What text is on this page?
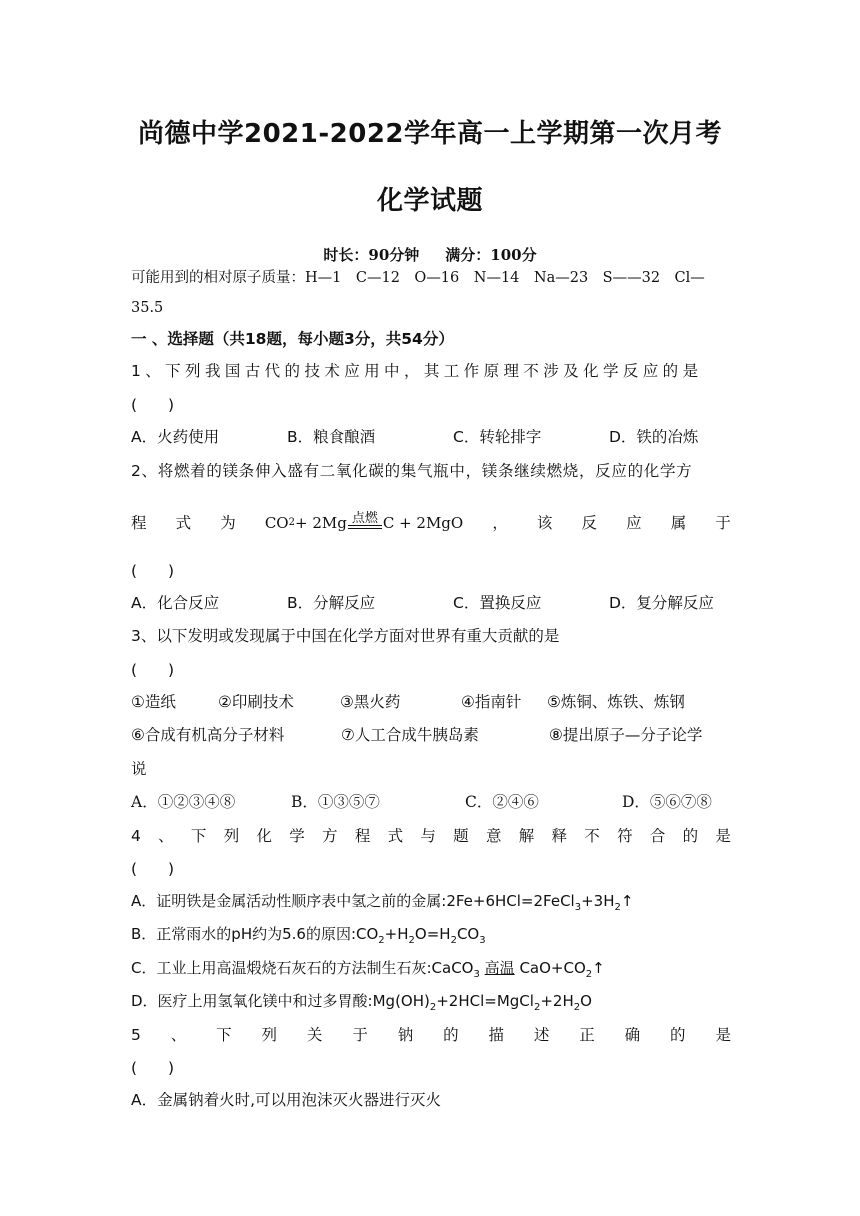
尚德中学2021-2022学年高一上学期第一次月考
化学试题
时长：90分钟 满分：100分
可能用到的相对原子质量：H—1　C—12　O—16　N—14　Na—23　S——32　Cl—
35.5
一 、选择题（共18题，每小题3分，共54分）
1、下列我国古代的技术应用中，其工作原理不涉及化学反应的是
(　　)
A．火药使用	B．粮食酿酒	C．转轮排字	D．铁的冶炼
2、将燃着的镁条伸入盛有二氧化碳的集气瓶中，镁条继续燃烧，反应的化学方
程 式 为 CO 2 + 2Mg 点燃 C + 2MgO ， 该 反 应 属 于
(　　)
A．化合反应	B．分解反应	C．置换反应	D．复分解反应
3、以下发明或发现属于中国在化学方面对世界有重大贡献的是
(　　)
①造纸	②印刷技术	③黑火药	④指南针	⑤炼铜、炼铁、炼钢
⑥合成有机高分子材料	⑦人工合成牛胰岛素	⑧提出原子—分子论学
说
A．①②③④⑧	B．①③⑤⑦	C．②④⑥	D．⑤⑥⑦⑧
4 、 下 列 化 学 方 程 式 与 题 意 解 释 不 符 合 的 是
(　　)
A．证明铁是金属活动性顺序表中氢之前的金属$:2Fe+6HCl=2FeCl_3+3H_2↑$
B．正常雨水的pH约为5.6的原因$:CO_2+H_2O=H_2CO_3$
C．工业上用高温煅烧石灰石的方法制生石灰:CaCO$_3$ 高温 $CaO+CO_2↑$
D．医疗上用氢氧化镁中和过多胃酸$:Mg(OH)_2+2HCl=MgCl_2+2H_2O$
5 、 下 列 关 于 钠 的 描 述 正 确 的 是
(　　)
A．金属钠着火时,可以用泡沫灭火器进行灭火
